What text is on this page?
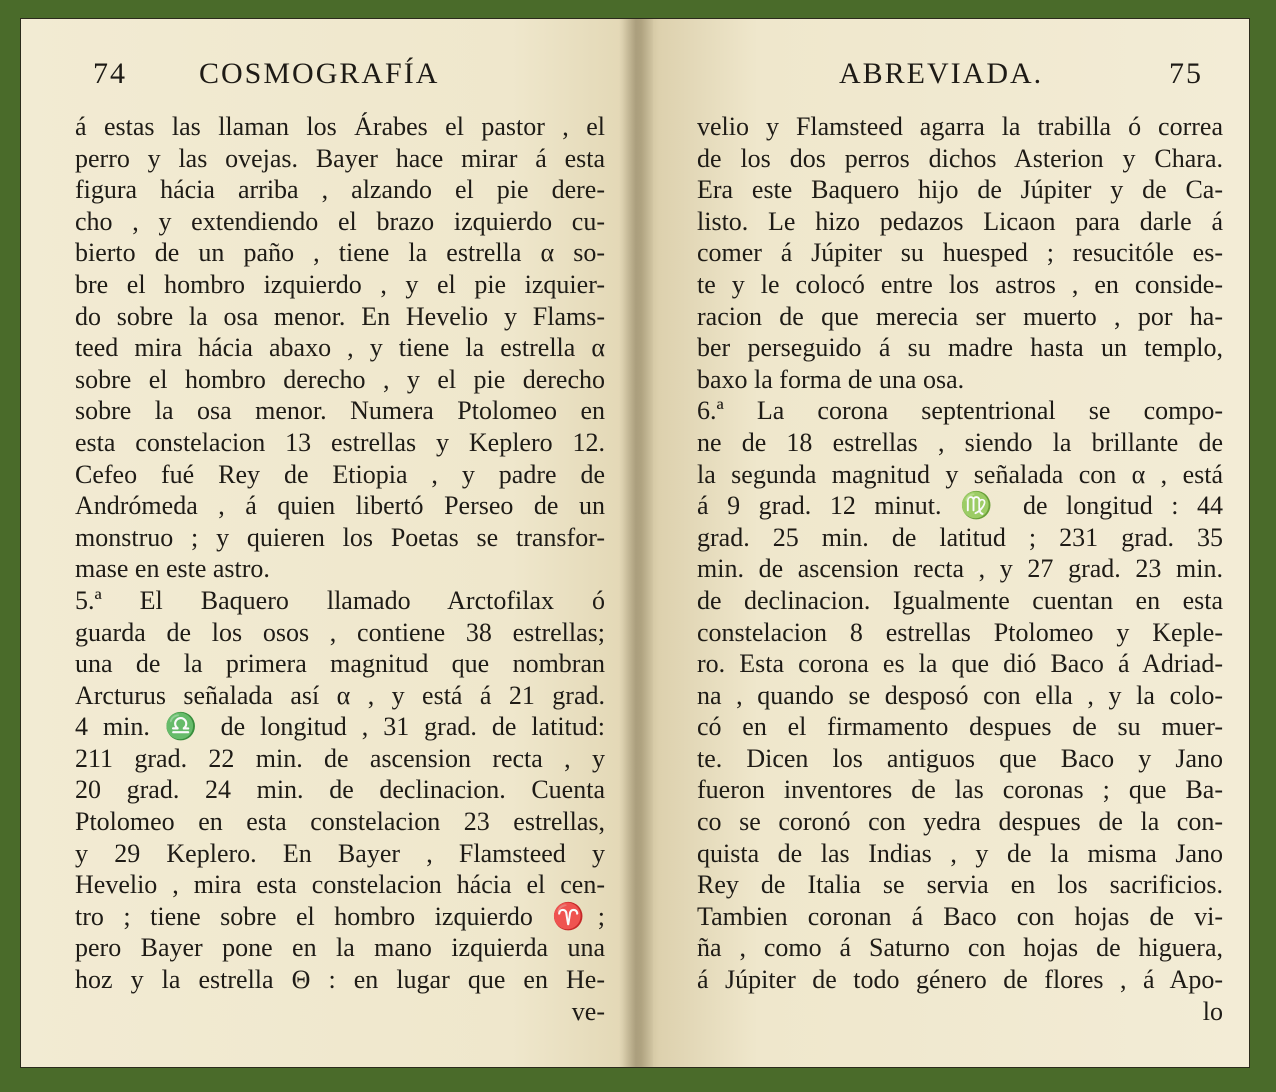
74 COSMOGRAFÍA
á estas las llaman los Árabes el pastor , el
perro y las ovejas. Bayer hace mirar á esta
figura hácia arriba , alzando el pie dere-
cho , y extendiendo el brazo izquierdo cu-
bierto de un paño , tiene la estrella α so-
bre el hombro izquierdo , y el pie izquier-
do sobre la osa menor. En Hevelio y Flams-
teed mira hácia abaxo , y tiene la estrella α
sobre el hombro derecho , y el pie derecho
sobre la osa menor. Numera Ptolomeo en
esta constelacion 13 estrellas y Keplero 12.
Cefeo fué Rey de Etiopia , y padre de
Andrómeda , á quien libertó Perseo de un
monstruo ; y quieren los Poetas se transfor-
mase en este astro.
5.ª El Baquero llamado Arctofilax ó
guarda de los osos , contiene 38 estrellas;
una de la primera magnitud que nombran
Arcturus señalada así α , y está á 21 grad.
4 min. ♎ de longitud , 31 grad. de latitud:
211 grad. 22 min. de ascension recta , y
20 grad. 24 min. de declinacion. Cuenta
Ptolomeo en esta constelacion 23 estrellas,
y 29 Keplero. En Bayer , Flamsteed y
Hevelio , mira esta constelacion hácia el cen-
tro ; tiene sobre el hombro izquierdo ♈;
pero Bayer pone en la mano izquierda una
hoz y la estrella Θ : en lugar que en He-
ve-
ABREVIADA.	75
velio y Flamsteed agarra la trabilla ó correa
de los dos perros dichos Asterion y Chara.
Era este Baquero hijo de Júpiter y de Ca-
listo. Le hizo pedazos Licaon para darle á
comer á Júpiter su huesped ; resucitóle es-
te y le colocó entre los astros , en conside-
racion de que merecia ser muerto , por ha-
ber perseguido á su madre hasta un templo,
baxo la forma de una osa.
6.ª La corona septentrional se compo-
ne de 18 estrellas , siendo la brillante de
la segunda magnitud y señalada con α , está
á 9 grad. 12 minut. ♍ de longitud : 44
grad. 25 min. de latitud ; 231 grad. 35
min. de ascension recta , y 27 grad. 23 min.
de declinacion. Igualmente cuentan en esta
constelacion 8 estrellas Ptolomeo y Keple-
ro. Esta corona es la que dió Baco á Adriad-
na , quando se desposó con ella , y la colo-
có en el firmamento despues de su muer-
te. Dicen los antiguos que Baco y Jano
fueron inventores de las coronas ; que Ba-
co se coronó con yedra despues de la con-
quista de las Indias , y de la misma Jano
Rey de Italia se servia en los sacrificios.
Tambien coronan á Baco con hojas de vi-
ña , como á Saturno con hojas de higuera,
á Júpiter de todo género de flores , á Apo-
lo
